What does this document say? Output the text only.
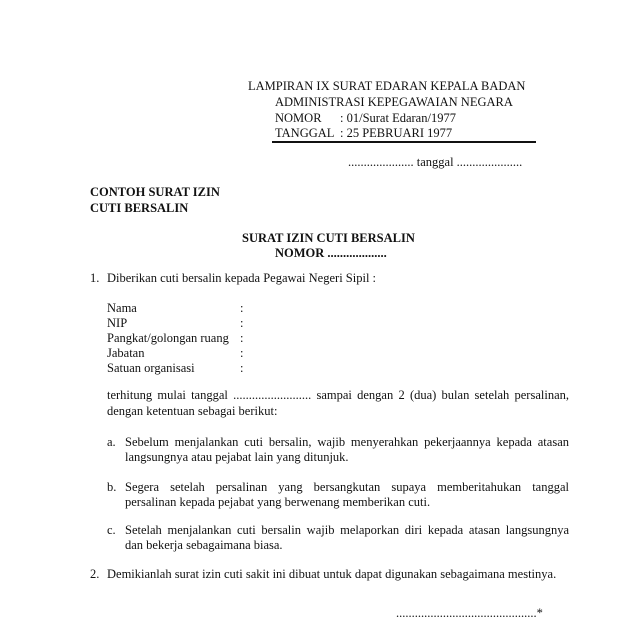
LAMPIRAN IX SURAT EDARAN KEPALA BADAN
ADMINISTRASI KEPEGAWAIAN NEGARA
NOMOR : 01/Surat Edaran/1977
TANGGAL : 25 PEBRUARI 1977
..................... tanggal .....................
CONTOH SURAT IZIN
CUTI BERSALIN
SURAT IZIN CUTI BERSALIN
NOMOR ...................
1. Diberikan cuti bersalin kepada Pegawai Negeri Sipil :
Nama	:
NIP	:
Pangkat/golongan ruang :
Jabatan	:
Satuan organisasi	:
terhitung mulai tanggal ......................... sampai dengan 2 (dua) bulan setelah persalinan,
dengan ketentuan sebagai berikut:
a. Sebelum menjalankan cuti bersalin, wajib menyerahkan pekerjaannya kepada atasan
langsungnya atau pejabat lain yang ditunjuk.
b. Segera setelah persalinan yang bersangkutan supaya memberitahukan tanggal
persalinan kepada pejabat yang berwenang memberikan cuti.
c. Setelah menjalankan cuti bersalin wajib melaporkan diri kepada atasan langsungnya
dan bekerja sebagaimana biasa.
2. Demikianlah surat izin cuti sakit ini dibuat untuk dapat digunakan sebagaimana mestinya.
.............................................*
